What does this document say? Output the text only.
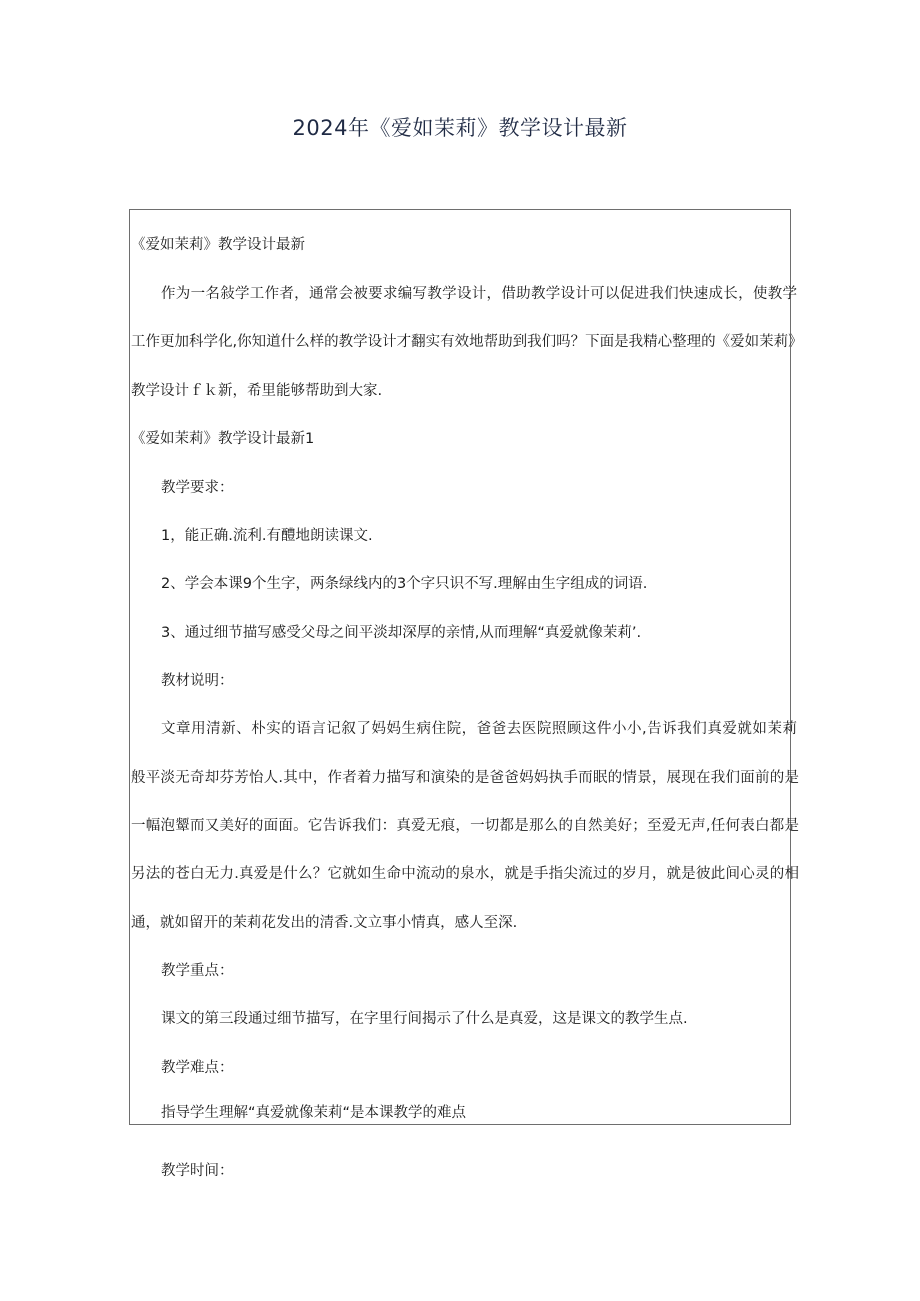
2024年《爱如茉莉》教学设计最新
《爱如茉莉》教学设计最新
作为一名敍学工作者，通常会被要求编写教学设计，借助教学设计可以促进我们快速成长，使教学
工作更加科学化,你知道什么样的教学设计才翻实有效地帮助到我们吗？下面是我精心整理的《爱如茉莉》
教学设计ｆｋ新，希里能够帮助到大家.
《爱如茉莉》教学设计最新1
教学要求：
1，能正确.流利.有醴地朗读课文.
2、学会本课9个生字，两条绿线内的3个字只识不写.理解由生字组成的词语.
3、通过细节描写感受父母之间平淡却深厚的亲情,从而理解“真爱就像茉莉’.
教材说明：
文章用清新、朴实的语言记叙了妈妈生病住院，爸爸去医院照顾这件小小,告诉我们真爱就如茉莉
般平淡无奇却芬芳怡人.其中，作者着力描写和演染的是爸爸妈妈执手而眠的情景，展现在我们面前的是
一幅泡颦而又美好的面面。它告诉我们：真爱无痕，一切都是那么的自然美好；至爱无声,任何表白都是
另法的苍白无力.真爱是什么？它就如生命中流动的泉水，就是手指尖流过的岁月，就是彼此间心灵的相
通，就如留开的茉莉花发出的清香.文立事小情真，感人至深.
教学重点：
课文的第三段通过细节描写，在字里行间揭示了什么是真爱，这是课文的教学生点.
教学难点：
指导学生理解“真爱就像茉莉“是本课教学的难点
教学时间：
